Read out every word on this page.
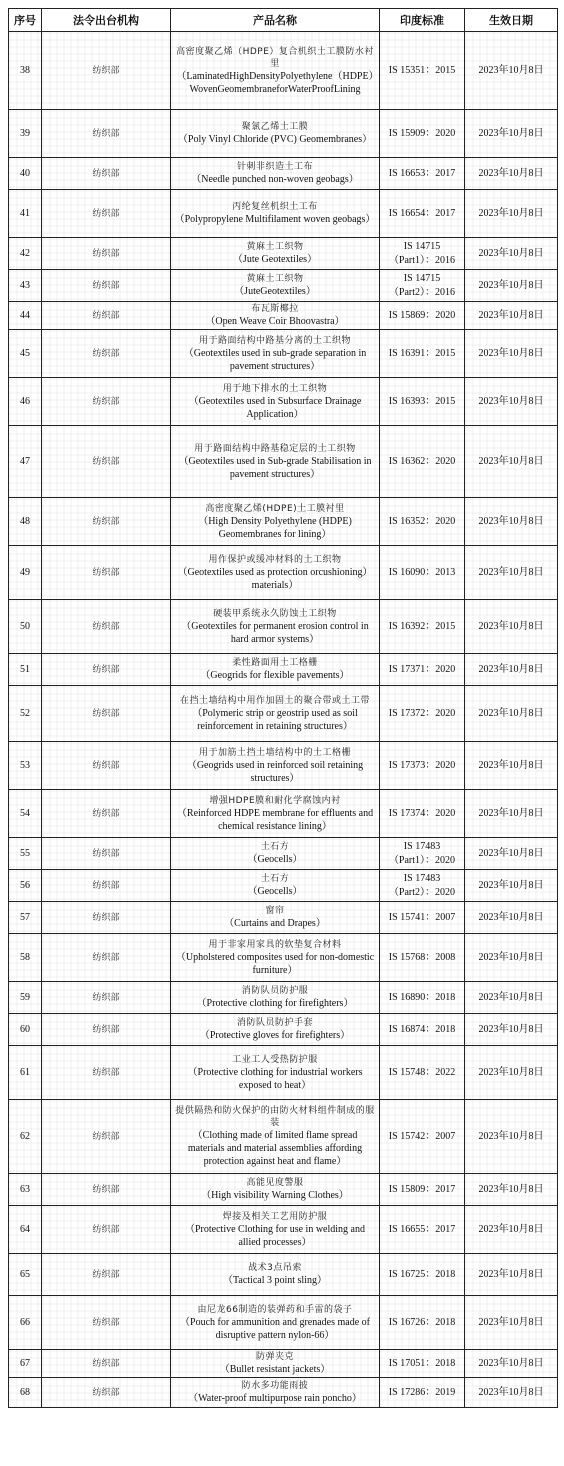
序号	法令出台机构	产品名称	印度标准	生效日期
38	纺织部	高密度聚乙烯（HDPE）复合机织土工膜防水衬里
（LaminatedHighDensityPolyethylene（HDPE）WovenGeomembraneforWaterProofLining	IS 15351：2015	2023年10月8日
39	纺织部	聚氯乙烯土工膜
（Poly Vinyl Chloride (PVC) Geomembranes）	IS 15909：2020	2023年10月8日
40	纺织部	针刺非织造土工布
（Needle punched non-woven geobags）	IS 16653：2017	2023年10月8日
41	纺织部	丙纶复丝机织土工布
（Polypropylene Multifilament woven geobags）	IS 16654：2017	2023年10月8日
42	纺织部	黄麻土工织物
（Jute Geotextiles）	IS 14715（Part1）：2016	2023年10月8日
43	纺织部	黄麻土工织物
（JuteGeotextiles）	IS 14715（Part2）：2016	2023年10月8日
44	纺织部	布瓦斯椰拉
（Open Weave Coir Bhoovastra）	IS 15869：2020	2023年10月8日
45	纺织部	用于路面结构中路基分离的土工织物
（Geotextiles used in sub-grade separation in pavement structures）	IS 16391：2015	2023年10月8日
46	纺织部	用于地下排水的土工织物
（Geotextiles used in Subsurface Drainage Application）	IS 16393：2015	2023年10月8日
47	纺织部	用于路面结构中路基稳定层的土工织物
（Geotextiles used in Sub-grade Stabilisation in pavement structures）	IS 16362：2020	2023年10月8日
48	纺织部	高密度聚乙烯(HDPE)土工膜衬里
（High Density Polyethylene (HDPE) Geomembranes for lining）	IS 16352：2020	2023年10月8日
49	纺织部	用作保护或缓冲材料的土工织物
（Geotextiles used as protection orcushioning）materials）	IS 16090：2013	2023年10月8日
50	纺织部	硬装甲系统永久防蚀土工织物
（Geotextiles for permanent erosion control in hard armor systems）	IS 16392：2015	2023年10月8日
51	纺织部	柔性路面用土工格栅
（Geogrids for flexible pavements）	IS 17371：2020	2023年10月8日
52	纺织部	在挡土墙结构中用作加固土的聚合带或土工带
（Polymeric strip or geostrip used as soil reinforcement in retaining structures）	IS 17372：2020	2023年10月8日
53	纺织部	用于加筋土挡土墙结构中的土工格栅
（Geogrids used in reinforced soil retaining structures）	IS 17373：2020	2023年10月8日
54	纺织部	增强HDPE膜和耐化学腐蚀内衬
（Reinforced HDPE membrane for effluents and chemical resistance lining）	IS 17374：2020	2023年10月8日
55	纺织部	土石方
（Geocells）	IS 17483（Part1）：2020	2023年10月8日
56	纺织部	土石方
（Geocells）	IS 17483（Part2）：2020	2023年10月8日
57	纺织部	窗帘
（Curtains and Drapes）	IS 15741：2007	2023年10月8日
58	纺织部	用于非家用家具的软垫复合材料
（Upholstered composites used for non-domestic furniture）	IS 15768：2008	2023年10月8日
59	纺织部	消防队员防护服
（Protective clothing for firefighters）	IS 16890：2018	2023年10月8日
60	纺织部	消防队员防护手套
（Protective gloves for firefighters）	IS 16874：2018	2023年10月8日
61	纺织部	工业工人受热防护服
（Protective clothing for industrial workers exposed to heat）	IS 15748：2022	2023年10月8日
62	纺织部	提供隔热和防火保护的由防火材料组件制成的服装
（Clothing made of limited flame spread materials and material assemblies affording protection against heat and flame）	IS 15742：2007	2023年10月8日
63	纺织部	高能见度警服
（High visibility Warning Clothes）	IS 15809：2017	2023年10月8日
64	纺织部	焊接及相关工艺用防护服
（Protective Clothing for use in welding and allied processes）	IS 16655：2017	2023年10月8日
65	纺织部	战术3点吊索
（Tactical 3 point sling）	IS 16725：2018	2023年10月8日
66	纺织部	由尼龙66制造的装弹药和手雷的袋子
（Pouch for ammunition and grenades made of disruptive pattern nylon-66）	IS 16726：2018	2023年10月8日
67	纺织部	防弹夹克
（Bullet resistant jackets）	IS 17051：2018	2023年10月8日
68	纺织部	防水多功能雨披
（Water-proof multipurpose rain poncho）	IS 17286：2019	2023年10月8日
